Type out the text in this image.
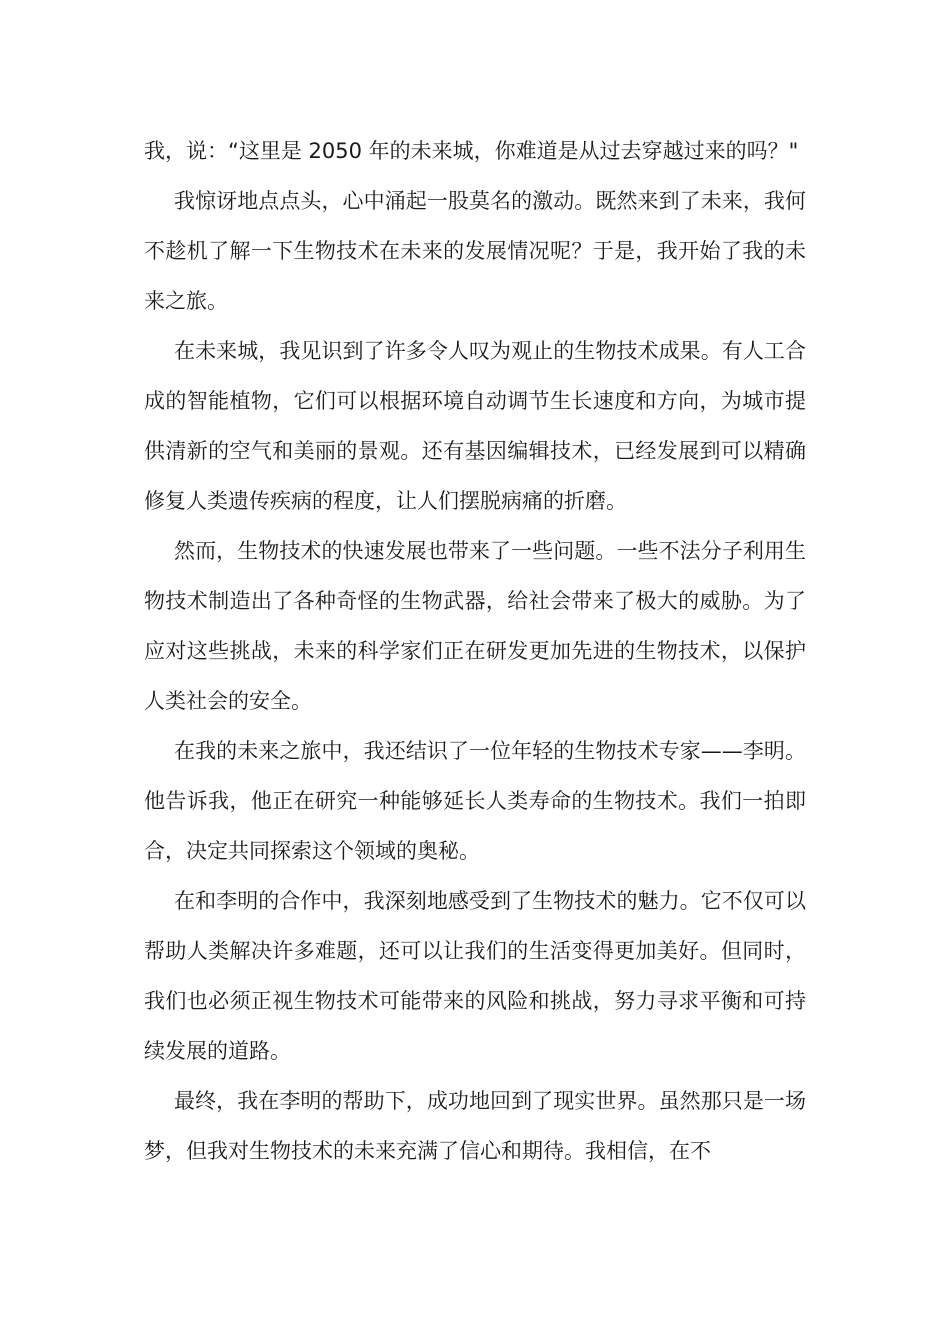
我，说：“这里是 2050 年的未来城，你难道是从过去穿越过来的吗？"

我惊讶地点点头，心中涌起一股莫名的激动。既然来到了未来，我何不趁机了解一下生物技术在未来的发展情况呢？于是，我开始了我的未来之旅。

在未来城，我见识到了许多令人叹为观止的生物技术成果。有人工合成的智能植物，它们可以根据环境自动调节生长速度和方向，为城市提供清新的空气和美丽的景观。还有基因编辑技术，已经发展到可以精确修复人类遗传疾病的程度，让人们摆脱病痛的折磨。

然而，生物技术的快速发展也带来了一些问题。一些不法分子利用生物技术制造出了各种奇怪的生物武器，给社会带来了极大的威胁。为了应对这些挑战，未来的科学家们正在研发更加先进的生物技术，以保护人类社会的安全。

在我的未来之旅中，我还结识了一位年轻的生物技术专家——李明。他告诉我，他正在研究一种能够延长人类寿命的生物技术。我们一拍即合，决定共同探索这个领域的奥秘。

在和李明的合作中，我深刻地感受到了生物技术的魅力。它不仅可以帮助人类解决许多难题，还可以让我们的生活变得更加美好。但同时，我们也必须正视生物技术可能带来的风险和挑战，努力寻求平衡和可持续发展的道路。

最终，我在李明的帮助下，成功地回到了现实世界。虽然那只是一场梦，但我对生物技术的未来充满了信心和期待。我相信，在不
